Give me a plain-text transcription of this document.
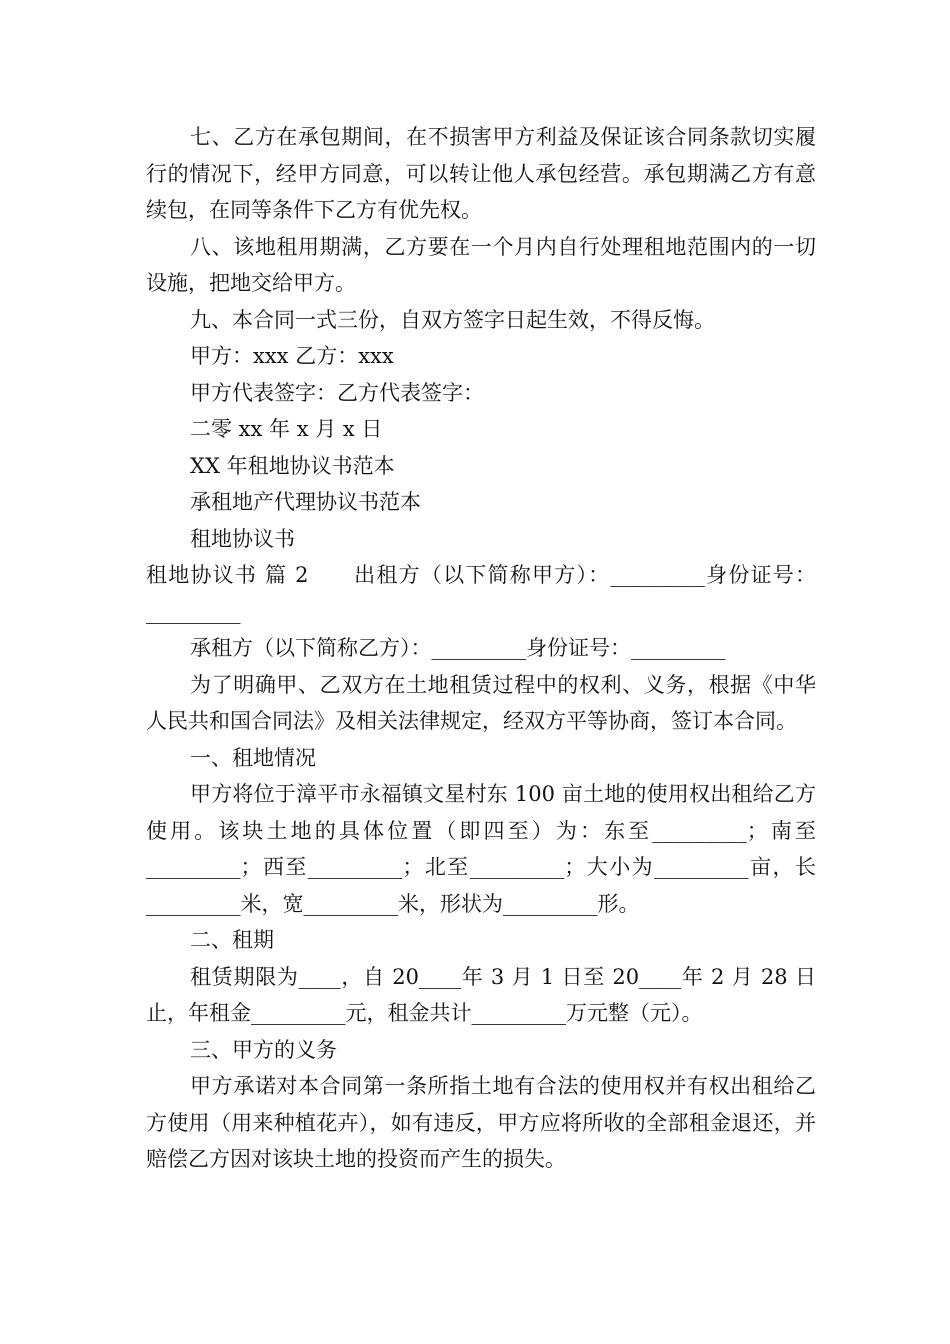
七、乙方在承包期间，在不损害甲方利益及保证该合同条款切实履行的情况下，经甲方同意，可以转让他人承包经营。承包期满乙方有意续包，在同等条件下乙方有优先权。

八、该地租用期满，乙方要在一个月内自行处理租地范围内的一切设施，把地交给甲方。

九、本合同一式三份，自双方签字日起生效，不得反悔。

甲方：xxx 乙方：xxx

甲方代表签字：乙方代表签字：

二零 xx 年 x 月 x 日

XX 年租地协议书范本

承租地产代理协议书范本

租地协议书

租地协议书 篇 2　　出租方（以下简称甲方）：_________身份证号：_________

承租方（以下简称乙方）：_________身份证号：_________

为了明确甲、乙双方在土地租赁过程中的权利、义务，根据《中华人民共和国合同法》及相关法律规定，经双方平等协商，签订本合同。

一、租地情况

甲方将位于漳平市永福镇文星村东 100 亩土地的使用权出租给乙方使用。该块土地的具体位置（即四至）为：东至_________；南至_________；西至_________；北至_________；大小为_________亩，长_________米，宽_________米，形状为_________形。

二、租期

租赁期限为____，自 20____年 3 月 1 日至 20____年 2 月 28 日止，年租金_________元，租金共计_________万元整（元）。

三、甲方的义务

甲方承诺对本合同第一条所指土地有合法的使用权并有权出租给乙方使用（用来种植花卉），如有违反，甲方应将所收的全部租金退还，并赔偿乙方因对该块土地的投资而产生的损失。
